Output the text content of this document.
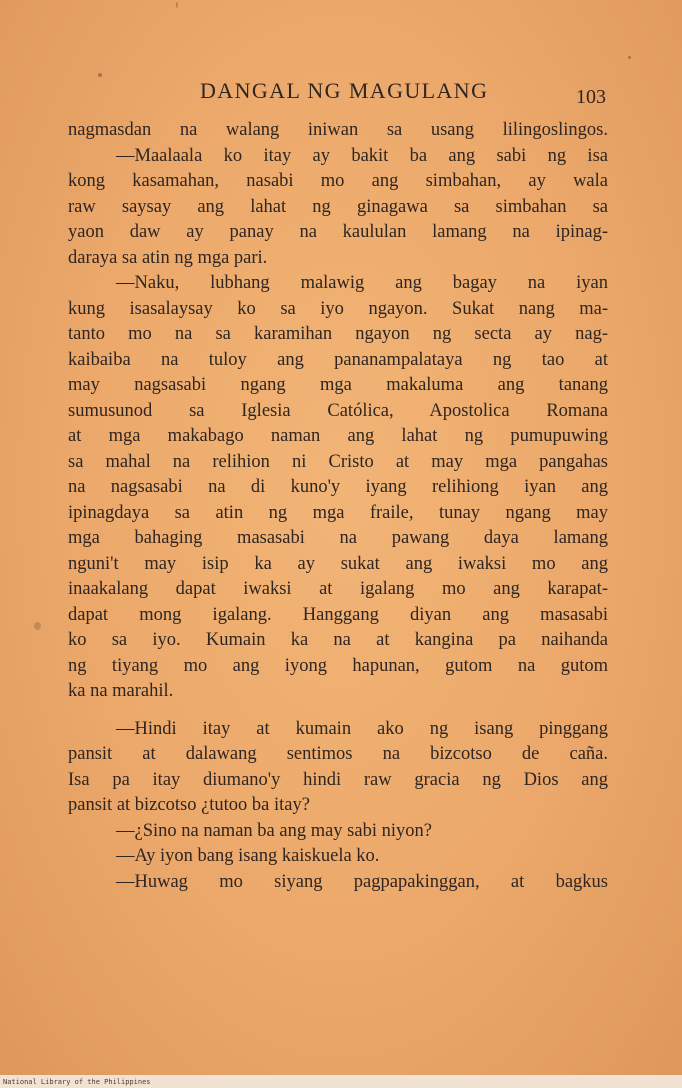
DANGAL NG MAGULANG	103
nagmasdan na walang iniwan sa usang lilingoslingos.
—Maalaala ko itay ay bakit ba ang sabi ng isa
kong kasamahan, nasabi mo ang simbahan, ay wala
raw saysay ang lahat ng ginagawa sa simbahan sa
yaon daw ay panay na kaululan lamang na ipinag-
daraya sa atin ng mga pari.
—Naku, lubhang malawig ang bagay na iyan
kung isasalaysay ko sa iyo ngayon. Sukat nang ma-
tanto mo na sa karamihan ngayon ng secta ay nag-
kaibaiba na tuloy ang pananampalataya ng tao at
may nagsasabi ngang mga makaluma ang tanang
sumusunod sa Iglesia Católica, Apostolica Romana
at mga makabago naman ang lahat ng pumupuwing
sa mahal na relihion ni Cristo at may mga pangahas
na nagsasabi na di kuno'y iyang relihiong iyan ang
ipinagdaya sa atin ng mga fraile, tunay ngang may
mga bahaging masasabi na pawang daya lamang
nguni't may isip ka ay sukat ang iwaksi mo ang
inaakalang dapat iwaksi at igalang mo ang karapat-
dapat mong igalang. Hanggang diyan ang masasabi
ko sa iyo. Kumain ka na at kangina pa naihanda
ng tiyang mo ang iyong hapunan, gutom na gutom
ka na marahil.
—Hindi itay at kumain ako ng isang pinggang
pansit at dalawang sentimos na bizcotso de caña.
Isa pa itay diumano'y hindi raw gracia ng Dios ang
pansit at bizcotso ¿tutoo ba itay?
—¿Sino na naman ba ang may sabi niyon?
—Ay iyon bang isang kaiskuela ko.
—Huwag mo siyang pagpapakinggan, at bagkus
National Library of the Philippines
